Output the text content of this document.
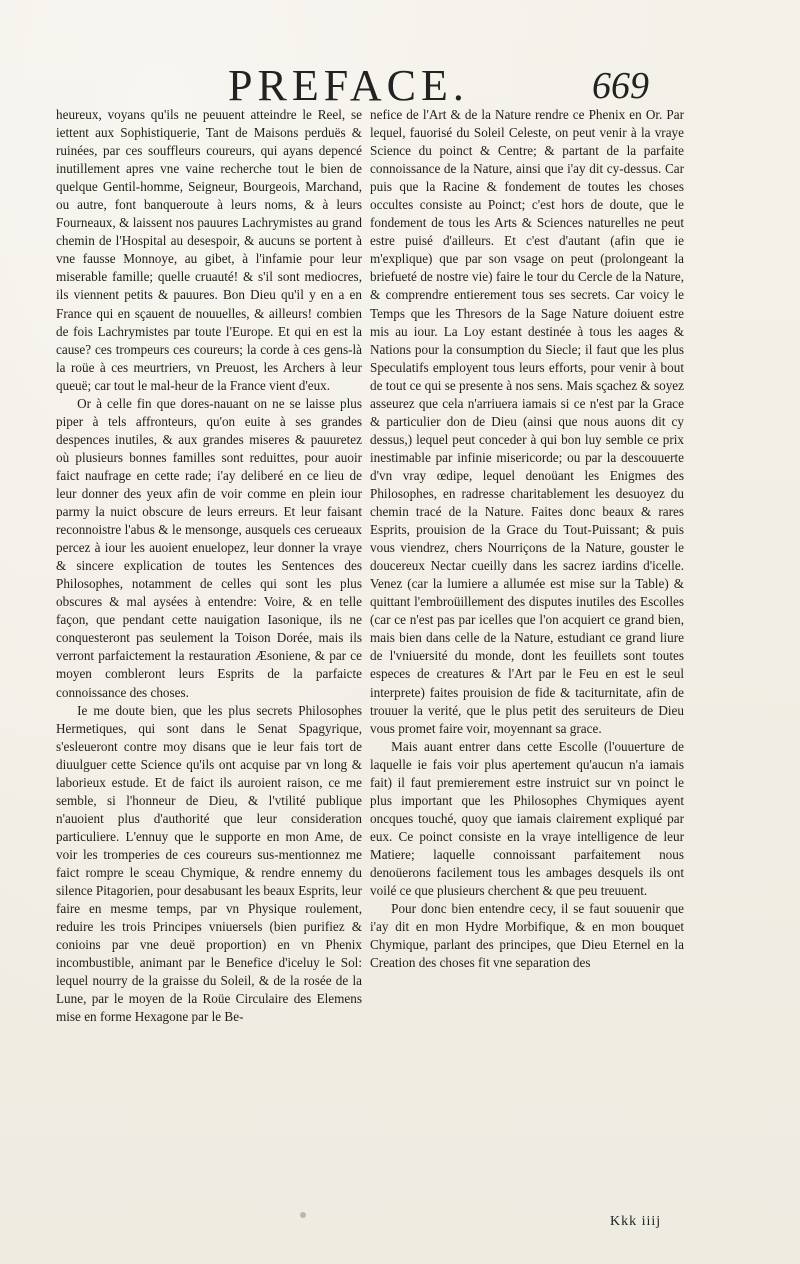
PREFACE.	669

heureux, voyans qu'ils ne peuuent atteindre le Reel, se iettent aux Sophistiquerie, Tant de Maisons perduës & ruinées, par ces souffleurs coureurs, qui ayans depencé inutillement apres vne vaine recherche tout le bien de quelque Gentil-homme, Seigneur, Bourgeois, Marchand, ou autre, font banqueroute à leurs noms, & à leurs Fourneaux, & laissent nos pauures Lachrymistes au grand chemin de l'Hospital au desespoir, & aucuns se portent à vne fausse Monnoye, au gibet, à l'infamie pour leur miserable famille; quelle cruauté! & s'il sont mediocres, ils viennent petits & pauures. Bon Dieu qu'il y en a en France qui en sçauent de nouuelles, & ailleurs! combien de fois Lachrymistes par toute l'Europe. Et qui en est la cause? ces trompeurs ces coureurs; la corde à ces gens-là la roüe à ces meurtriers, vn Preuost, les Archers à leur queuë; car tout le mal-heur de la France vient d'eux.

Or à celle fin que dores-nauant on ne se laisse plus piper à tels affronteurs, qu'on euite à ses grandes despences inutiles, & aux grandes miseres & pauuretez où plusieurs bonnes familles sont reduittes, pour auoir faict naufrage en cette rade; i'ay deliberé en ce lieu de leur donner des yeux afin de voir comme en plein iour parmy la nuict obscure de leurs erreurs. Et leur faisant reconnoistre l'abus & le mensonge, ausquels ces cerueaux percez à iour les auoient enuelopez, leur donner la vraye & sincere explication de toutes les Sentences des Philosophes, notamment de celles qui sont les plus obscures & mal aysées à entendre: Voire, & en telle façon, que pendant cette nauigation Iasonique, ils ne conquesteront pas seulement la Toison Dorée, mais ils verront parfaictement la restauration Æsoniene, & par ce moyen combleront leurs Esprits de la parfaicte connoissance des choses.

Ie me doute bien, que les plus secrets Philosophes Hermetiques, qui sont dans le Senat Spagyrique, s'esleueront contre moy disans que ie leur fais tort de diuulguer cette Science qu'ils ont acquise par vn long & laborieux estude. Et de faict ils auroient raison, ce me semble, si l'honneur de Dieu, & l'vtilité publique n'auoient plus d'authorité que leur consideration particuliere. L'ennuy que le supporte en mon Ame, de voir les tromperies de ces coureurs sus-mentionnez me faict rompre le sceau Chymique, & rendre ennemy du silence Pitagorien, pour desabusant les beaux Esprits, leur faire en mesme temps, par vn Physique roulement, reduire les trois Principes vniuersels (bien purifiez & conioins par vne deuë proportion) en vn Phenix incombustible, animant par le Benefice d'iceluy le Sol: lequel nourry de la graisse du Soleil, & de la rosée de la Lune, par le moyen de la Roüe Circulaire des Elemens mise en forme Hexagone par le Be-

nefice de l'Art & de la Nature rendre ce Phenix en Or. Par lequel, fauorisé du Soleil Celeste, on peut venir à la vraye Science du poinct & Centre; & partant de la parfaite connoissance de la Nature, ainsi que i'ay dit cy-dessus. Car puis que la Racine & fondement de toutes les choses occultes consiste au Poinct; c'est hors de doute, que le fondement de tous les Arts & Sciences naturelles ne peut estre puisé d'ailleurs. Et c'est d'autant (afin que ie m'explique) que par son vsage on peut (prolongeant la briefueté de nostre vie) faire le tour du Cercle de la Nature, & comprendre entierement tous ses secrets. Car voicy le Temps que les Thresors de la Sage Nature doiuent estre mis au iour. La Loy estant destinée à tous les aages & Nations pour la consumption du Siecle; il faut que les plus Speculatifs employent tous leurs efforts, pour venir à bout de tout ce qui se presente à nos sens. Mais sçachez & soyez asseurez que cela n'arriuera iamais si ce n'est par la Grace & particulier don de Dieu (ainsi que nous auons dit cy dessus,) lequel peut conceder à qui bon luy semble ce prix inestimable par infinie misericorde; ou par la descouuerte d'vn vray œdipe, lequel denoüant les Enigmes des Philosophes, en radresse charitablement les desuoyez du chemin tracé de la Nature. Faites donc beaux & rares Esprits, prouision de la Grace du Tout-Puissant; & puis vous viendrez, chers Nourriçons de la Nature, gouster le doucereux Nectar cueilly dans les sacrez iardins d'icelle. Venez (car la lumiere a allumée est mise sur la Table) & quittant l'embroüillement des disputes inutiles des Escolles (car ce n'est pas par icelles que l'on acquiert ce grand bien, mais bien dans celle de la Nature, estudiant ce grand liure de l'vniuersité du monde, dont les feuillets sont toutes especes de creatures & l'Art par le Feu en est le seul interprete) faites prouision de fide & taciturnitate, afin de trouuer la verité, que le plus petit des seruiteurs de Dieu vous promet faire voir, moyennant sa grace.

Mais auant entrer dans cette Escolle (l'ouuerture de laquelle ie fais voir plus apertement qu'aucun n'a iamais fait) il faut premierement estre instruict sur vn poinct le plus important que les Philosophes Chymiques ayent oncques touché, quoy que iamais clairement expliqué par eux. Ce poinct consiste en la vraye intelligence de leur Matiere; laquelle connoissant parfaitement nous denoüerons facilement tous les ambages desquels ils ont voilé ce que plusieurs cherchent & que peu treuuent.

Pour donc bien entendre cecy, il se faut souuenir que i'ay dit en mon Hydre Morbifique, & en mon bouquet Chymique, parlant des principes, que Dieu Eternel en la Creation des choses fit vne separation des

Kkk iiij
